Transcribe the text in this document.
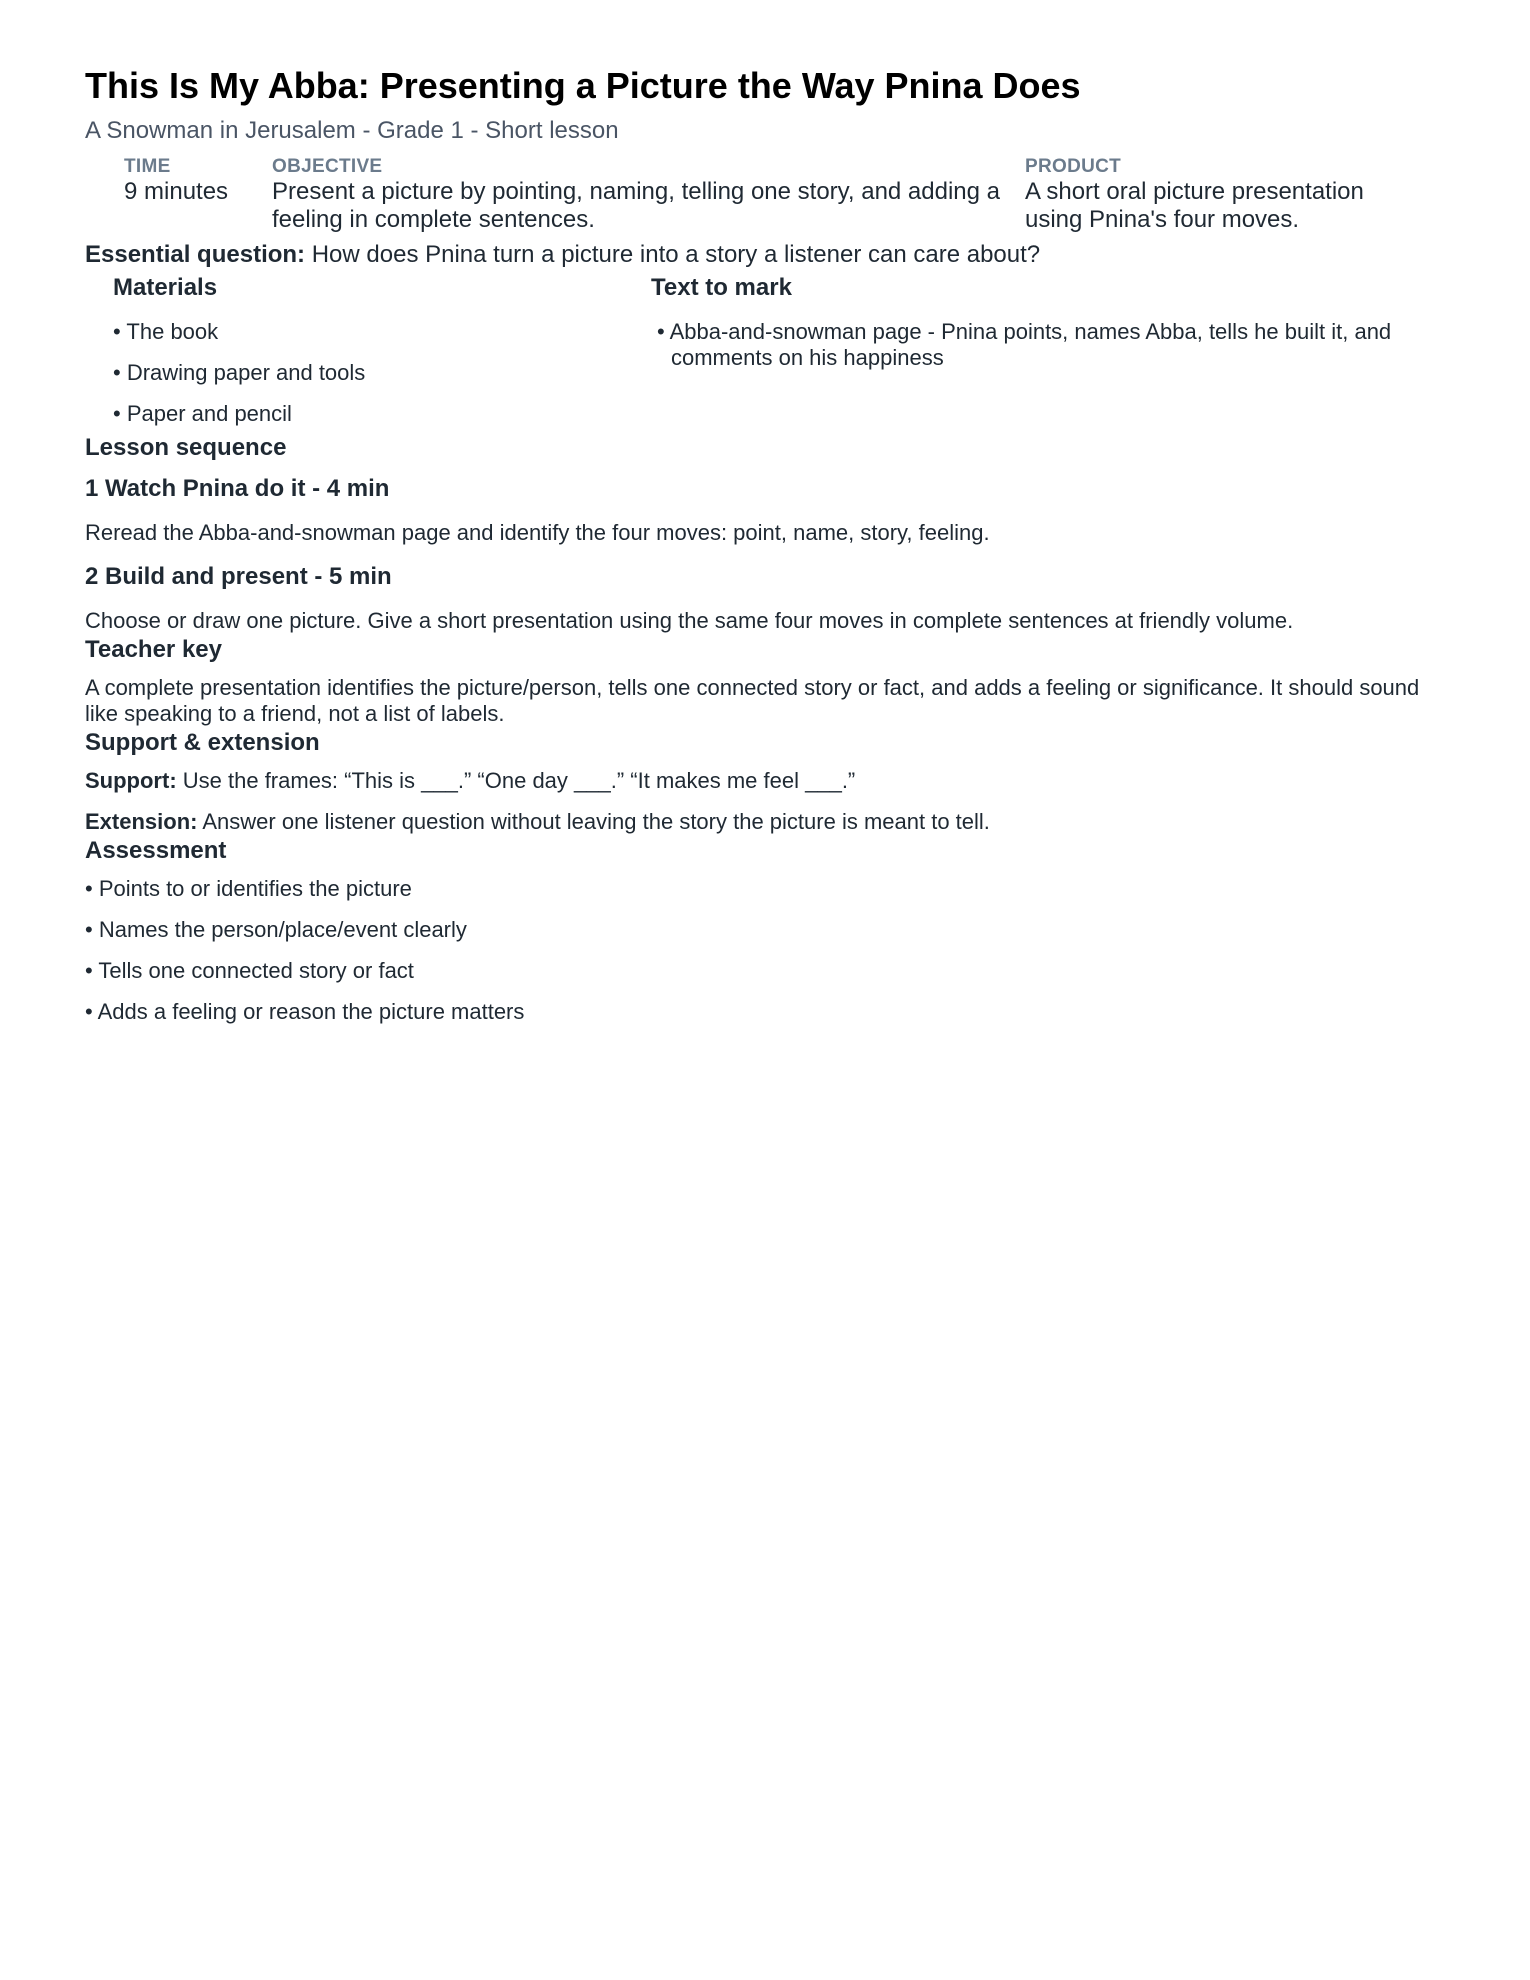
This Is My Abba: Presenting a Picture the Way Pnina Does
A Snowman in Jerusalem - Grade 1 - Short lesson
TIME
9 minutes
OBJECTIVE
Present a picture by pointing, naming, telling one story, and adding a feeling in complete sentences.
PRODUCT
A short oral picture presentation using Pnina's four moves.
Essential question: How does Pnina turn a picture into a story a listener can care about?
Materials
• The book
• Drawing paper and tools
• Paper and pencil
Text to mark
• Abba-and-snowman page - Pnina points, names Abba, tells he built it, and comments on his happiness
Lesson sequence
1 Watch Pnina do it - 4 min
Reread the Abba-and-snowman page and identify the four moves: point, name, story, feeling.
2 Build and present - 5 min
Choose or draw one picture. Give a short presentation using the same four moves in complete sentences at friendly volume.
Teacher key
A complete presentation identifies the picture/person, tells one connected story or fact, and adds a feeling or significance. It should sound like speaking to a friend, not a list of labels.
Support & extension
Support: Use the frames: “This is ___.” “One day ___.” “It makes me feel ___.”
Extension: Answer one listener question without leaving the story the picture is meant to tell.
Assessment
• Points to or identifies the picture
• Names the person/place/event clearly
• Tells one connected story or fact
• Adds a feeling or reason the picture matters
